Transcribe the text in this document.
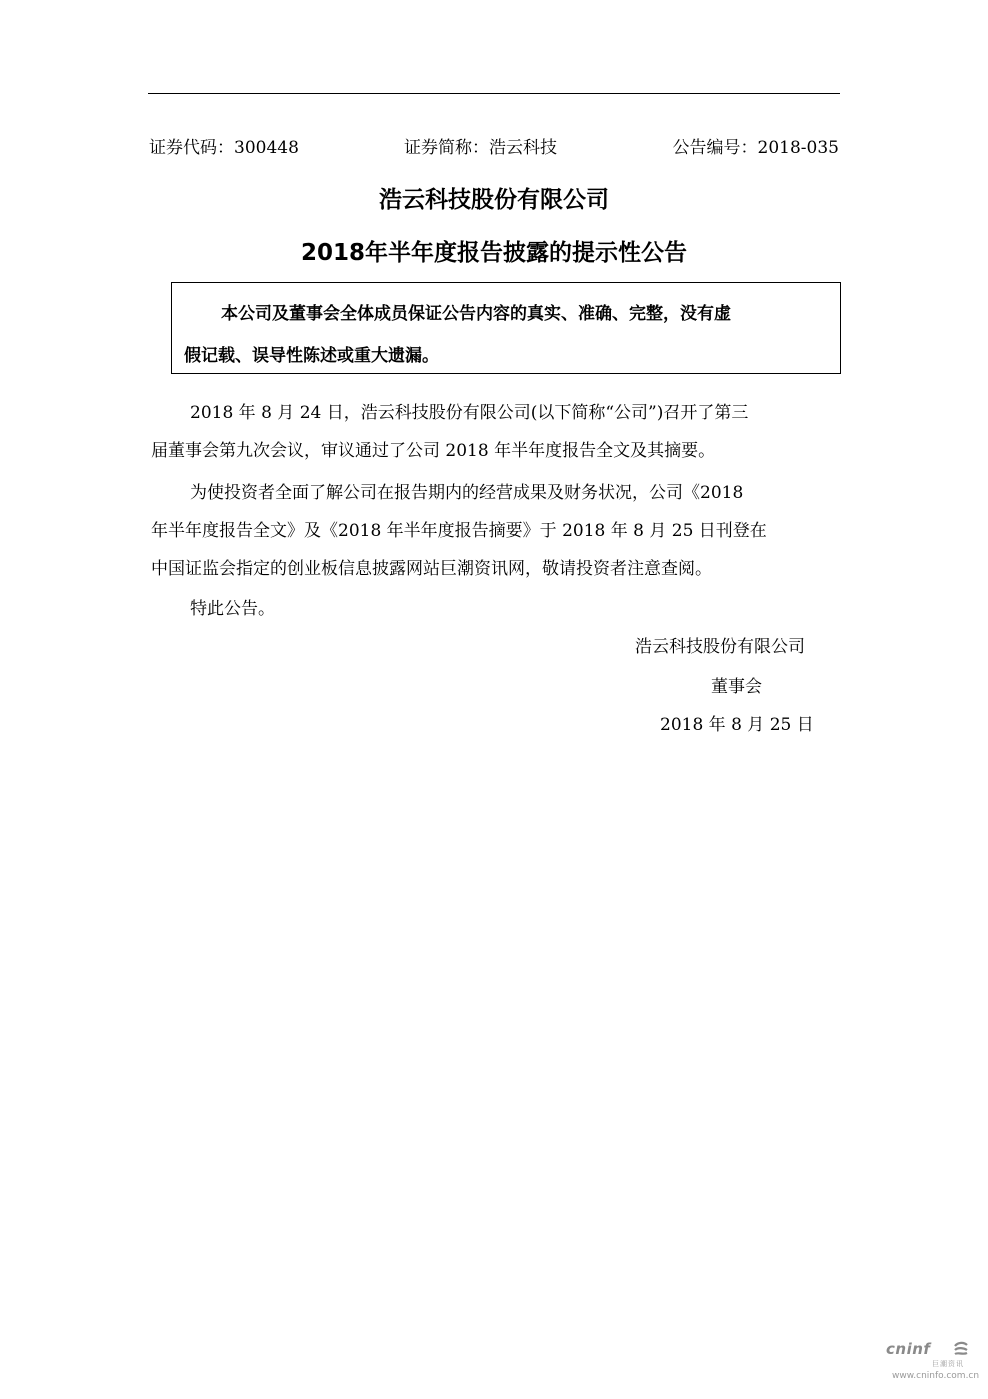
证券代码：300448	证券简称：浩云科技	公告编号：2018-035
浩云科技股份有限公司
2018年半年度报告披露的提示性公告
本公司及董事会全体成员保证公告内容的真实、准确、完整，没有虚
假记载、误导性陈述或重大遗漏。
2018 年 8 月 24 日，浩云科技股份有限公司(以下简称“公司”)召开了第三
届董事会第九次会议，审议通过了公司 2018 年半年度报告全文及其摘要。
为使投资者全面了解公司在报告期内的经营成果及财务状况，公司《2018
年半年度报告全文》及《2018 年半年度报告摘要》于 2018 年 8 月 25 日刊登在
中国证监会指定的创业板信息披露网站巨潮资讯网，敬请投资者注意查阅。
特此公告。
浩云科技股份有限公司
董事会
2018 年 8 月 25 日
cninf
巨潮资讯
www.cninfo.com.cn
